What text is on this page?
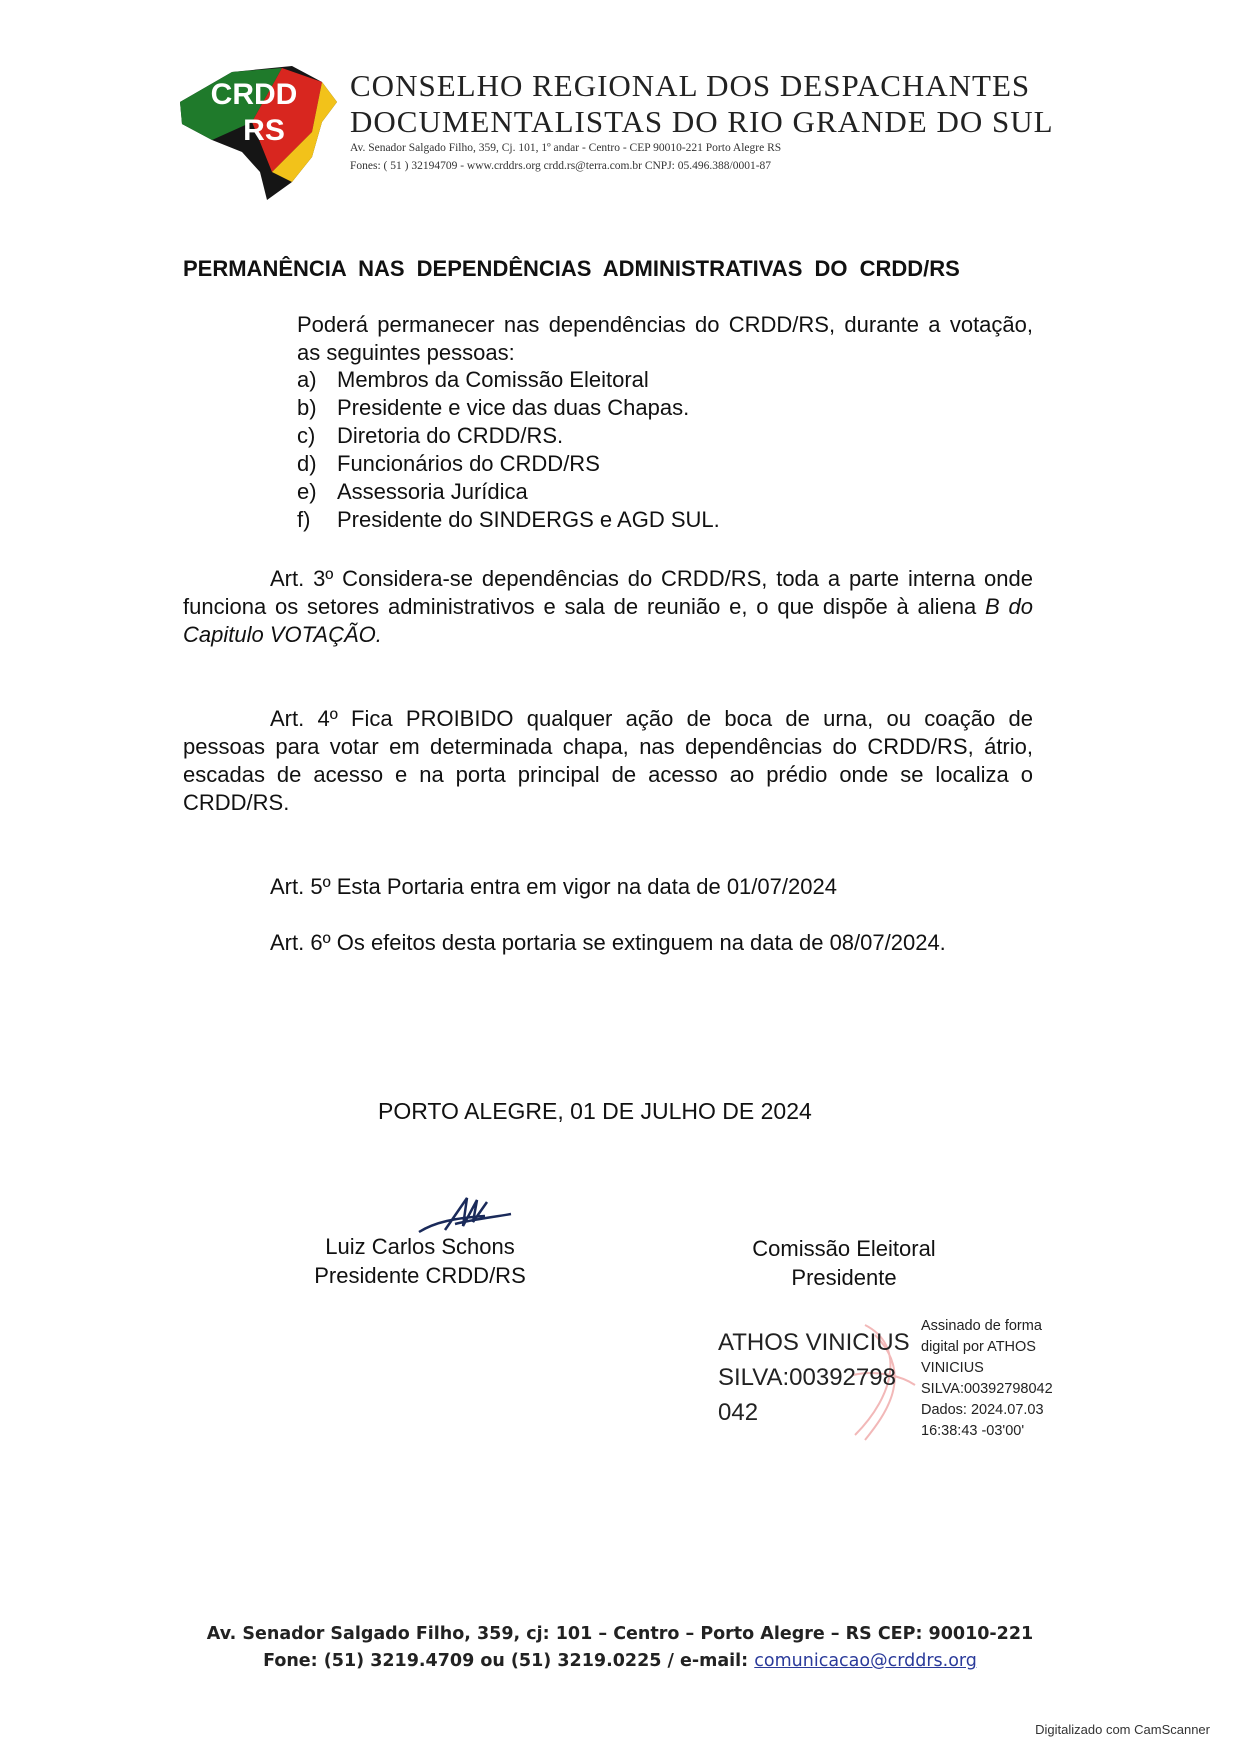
CRDD
RS
CONSELHO REGIONAL DOS DESPACHANTES
DOCUMENTALISTAS DO RIO GRANDE DO SUL
Av. Senador Salgado Filho, 359, Cj. 101, 1º andar - Centro - CEP 90010-221 Porto Alegre RS
Fones: ( 51 ) 32194709 - www.crddrs.org crdd.rs@terra.com.br CNPJ: 05.496.388/0001-87
PERMANÊNCIA NAS DEPENDÊNCIAS ADMINISTRATIVAS DO CRDD/RS
Poderá permanecer nas dependências do CRDD/RS, durante a votação, as seguintes pessoas:
a) Membros da Comissão Eleitoral
b) Presidente e vice das duas Chapas.
c) Diretoria do CRDD/RS.
d) Funcionários do CRDD/RS
e) Assessoria Jurídica
f)	Presidente do SINDERGS e AGD SUL.
Art. 3º Considera-se dependências do CRDD/RS, toda a parte interna onde funciona os setores administrativos e sala de reunião e, o que dispõe à aliena B do Capitulo VOTAÇÃO.
Art. 4º Fica PROIBIDO qualquer ação de boca de urna, ou coação de pessoas para votar em determinada chapa, nas dependências do CRDD/RS, átrio, escadas de acesso e na porta principal de acesso ao prédio onde se localiza o CRDD/RS.
Art. 5º Esta Portaria entra em vigor na data de 01/07/2024
Art. 6º Os efeitos desta portaria se extinguem na data de 08/07/2024.
PORTO ALEGRE, 01 DE JULHO DE 2024
Luiz Carlos Schons
Presidente CRDD/RS
Comissão Eleitoral
Presidente
ATHOS VINICIUS
SILVA:00392798
042
Assinado de forma
digital por ATHOS
VINICIUS
SILVA:00392798042
Dados: 2024.07.03
16:38:43 -03'00'
Av. Senador Salgado Filho, 359, cj: 101 – Centro – Porto Alegre – RS CEP: 90010-221
Fone: (51) 3219.4709 ou (51) 3219.0225 / e-mail: comunicacao@crddrs.org
Digitalizado com CamScanner
